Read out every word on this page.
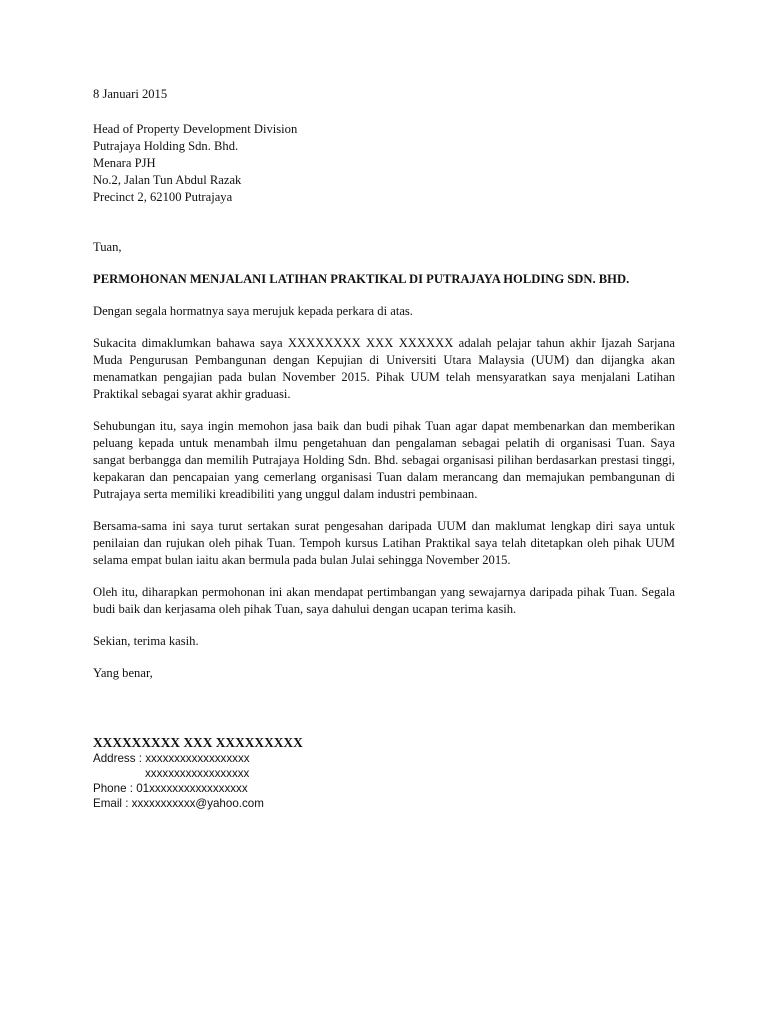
8 Januari 2015

Head of Property Development Division

Putrajaya Holding Sdn. Bhd.

Menara PJH

No.2, Jalan Tun Abdul Razak

Precinct 2, 62100 Putrajaya

Tuan,

PERMOHONAN MENJALANI LATIHAN PRAKTIKAL DI PUTRAJAYA HOLDING SDN. BHD.

Dengan segala hormatnya saya merujuk kepada perkara di atas.

Sukacita dimaklumkan bahawa saya XXXXXXXX XXX XXXXXX adalah pelajar tahun akhir Ijazah Sarjana Muda Pengurusan Pembangunan dengan Kepujian di Universiti Utara Malaysia (UUM) dan dijangka akan menamatkan pengajian pada bulan November 2015. Pihak UUM telah mensyaratkan saya menjalani Latihan Praktikal sebagai syarat akhir graduasi.

Sehubungan itu, saya ingin memohon jasa baik dan budi pihak Tuan agar dapat membenarkan dan memberikan peluang kepada untuk menambah ilmu pengetahuan dan pengalaman sebagai pelatih di organisasi Tuan. Saya sangat berbangga dan memilih Putrajaya Holding Sdn. Bhd. sebagai organisasi pilihan berdasarkan prestasi tinggi, kepakaran dan pencapaian yang cemerlang organisasi Tuan dalam merancang dan memajukan pembangunan di Putrajaya serta memiliki kreadibiliti yang unggul dalam industri pembinaan.

Bersama-sama ini saya turut sertakan surat pengesahan daripada UUM dan maklumat lengkap diri saya untuk penilaian dan rujukan oleh pihak Tuan. Tempoh kursus Latihan Praktikal saya telah ditetapkan oleh pihak UUM selama empat bulan iaitu akan bermula pada bulan Julai sehingga November 2015.

Oleh itu, diharapkan permohonan ini akan mendapat pertimbangan yang sewajarnya daripada pihak Tuan. Segala budi baik dan kerjasama oleh pihak Tuan, saya dahului dengan ucapan terima kasih.

Sekian, terima kasih.

Yang benar,

XXXXXXXXX XXX XXXXXXXXX

Address : xxxxxxxxxxxxxxxxxx

xxxxxxxxxxxxxxxxxx

Phone : 01xxxxxxxxxxxxxxxxx

Email : xxxxxxxxxxx@yahoo.com
